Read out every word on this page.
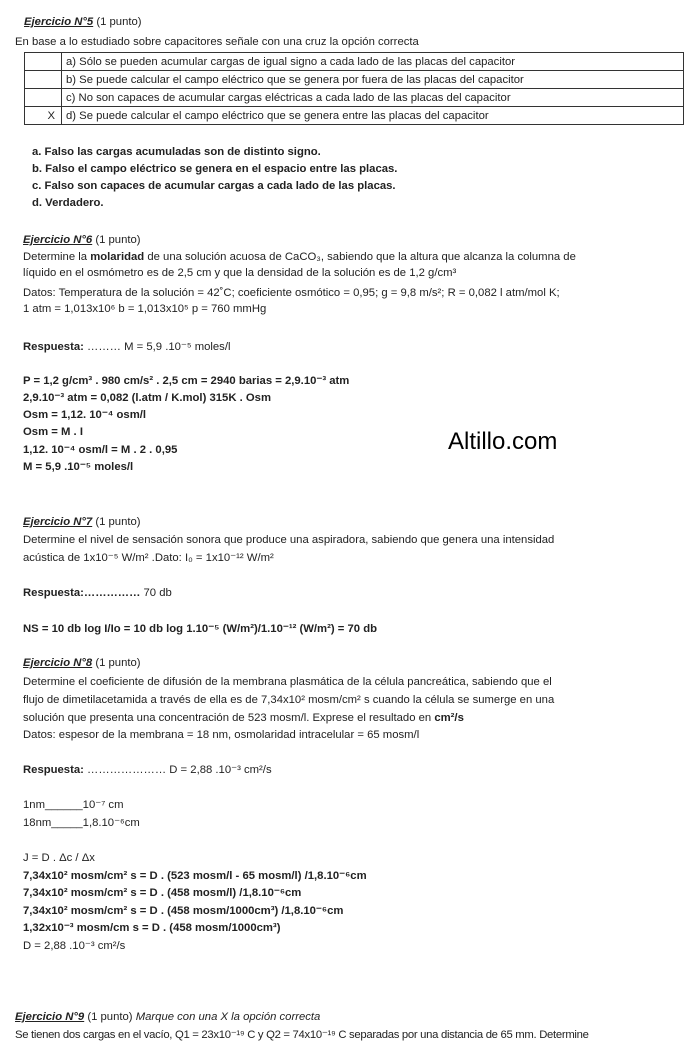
Ejercicio N°5 (1 punto)
En base a lo estudiado sobre capacitores señale con una cruz la opción correcta
	a) Sólo se pueden acumular cargas de igual signo a cada lado de las placas del capacitor
	b) Se puede calcular el campo eléctrico que se genera por fuera de las placas del capacitor
	c) No son capaces de acumular cargas eléctricas a cada lado de las placas del capacitor
X	d) Se puede calcular el campo eléctrico que se genera entre las placas del capacitor
a. Falso las cargas acumuladas son de distinto signo.
b. Falso el campo eléctrico se genera en el espacio entre las placas.
c. Falso son capaces de acumular cargas a cada lado de las placas.
d. Verdadero.
Ejercicio N°6 (1 punto)
Determine la molaridad de una solución acuosa de CaCO₃, sabiendo que la altura que alcanza la columna de
líquido en el osmómetro es de 2,5 cm y que la densidad de la solución es de 1,2 g/cm³
Datos: Temperatura de la solución = 42˚C; coeficiente osmótico = 0,95; g = 9,8 m/s²; R = 0,082 l atm/mol K;
1 atm = 1,013x10⁶ b = 1,013x10⁵ p = 760 mmHg
Respuesta: ……… M = 5,9 .10⁻⁵ moles/l
P = 1,2 g/cm³ . 980 cm/s² . 2,5 cm = 2940 barias = 2,9.10⁻³ atm
2,9.10⁻³ atm = 0,082 (l.atm / K.mol) 315K . Osm
Osm = 1,12. 10⁻⁴ osm/l
Osm = M . I
1,12. 10⁻⁴ osm/l = M . 2 . 0,95
M = 5,9 .10⁻⁵ moles/l
Altillo.com
Ejercicio N°7 (1 punto)
Determine el nivel de sensación sonora que produce una aspiradora, sabiendo que genera una intensidad
acústica de 1x10⁻⁵ W/m² .Dato: I₀ = 1x10⁻¹² W/m²
Respuesta:…………… 70 db
NS = 10 db log I/Io = 10 db log 1.10⁻⁵ (W/m²)/1.10⁻¹² (W/m²) = 70 db
Ejercicio N°8 (1 punto)
Determine el coeficiente de difusión de la membrana plasmática de la célula pancreática, sabiendo que el
flujo de dimetilacetamida a través de ella es de 7,34x10² mosm/cm² s cuando la célula se sumerge en una
solución que presenta una concentración de 523 mosm/l. Exprese el resultado en cm²/s
Datos: espesor de la membrana = 18 nm, osmolaridad intracelular = 65 mosm/l
Respuesta: ………………… D = 2,88 .10⁻³ cm²/s
1nm______10⁻⁷ cm
18nm_____1,8.10⁻⁶cm
J = D . Δc / Δx
7,34x10² mosm/cm² s = D . (523 mosm/l - 65 mosm/l) /1,8.10⁻⁶cm
7,34x10² mosm/cm² s = D . (458 mosm/l) /1,8.10⁻⁶cm
7,34x10² mosm/cm² s = D . (458 mosm/1000cm³) /1,8.10⁻⁶cm
1,32x10⁻³ mosm/cm s = D . (458 mosm/1000cm³)
D = 2,88 .10⁻³ cm²/s
Ejercicio N°9 (1 punto) Marque con una X la opción correcta
Se tienen dos cargas en el vacío, Q1 = 23x10⁻¹⁹ C y Q2 = 74x10⁻¹⁹ C separadas por una distancia de 65 mm. Determine
